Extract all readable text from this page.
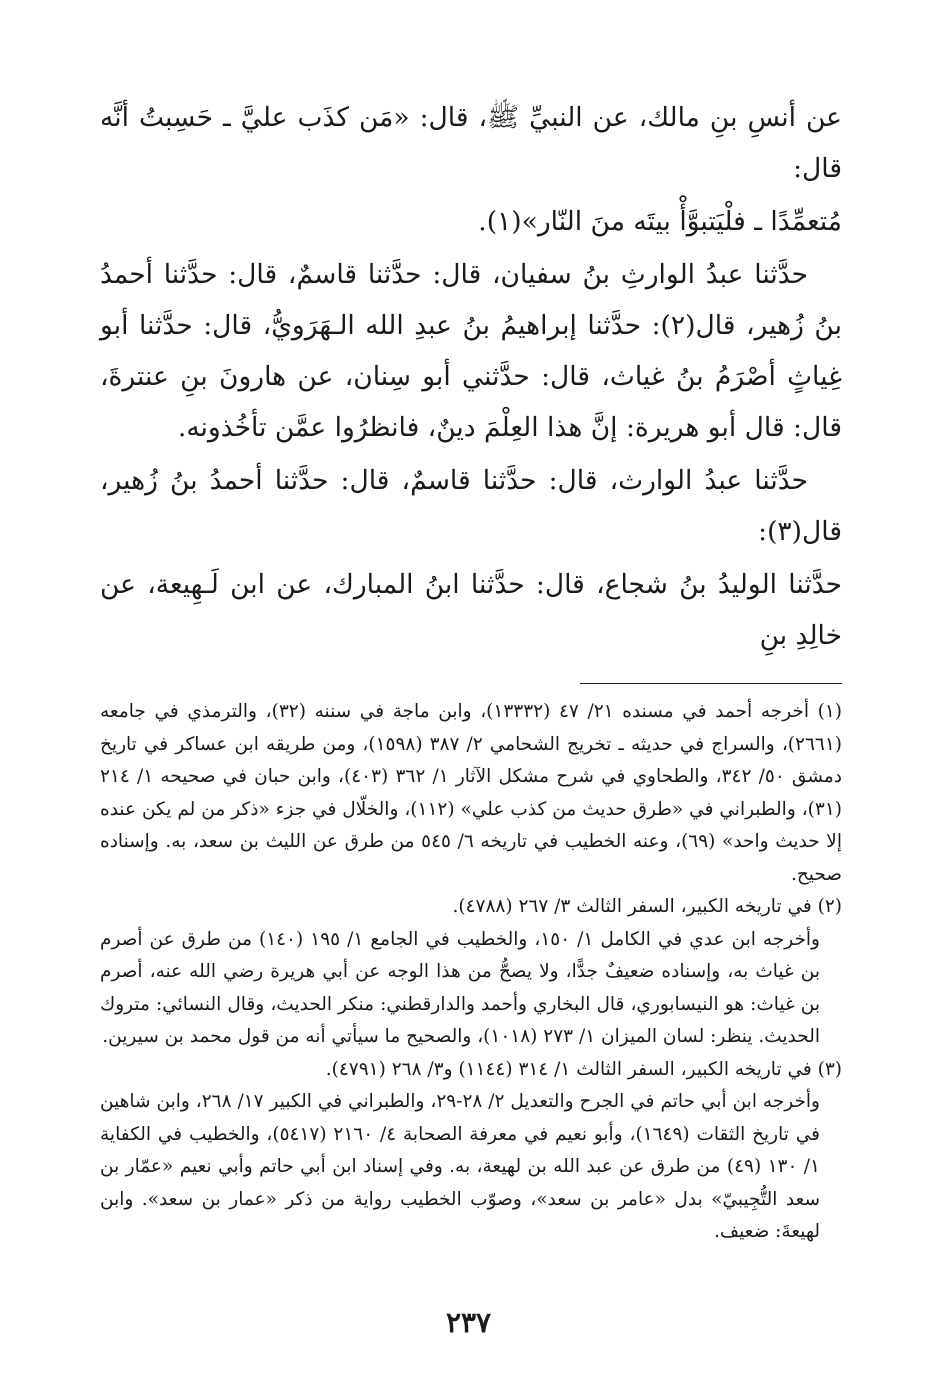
عن أنسِ بنِ مالك، عن النبيِّ ﷺ، قال: «مَن كذَب عليَّ ـ حَسِبتُ أنَّه قال:

مُتعمِّدًا ـ فلْيَتبوَّأْ بيتَه منَ النّار»(١).

حدَّثنا عبدُ الوارثِ بنُ سفيان، قال: حدَّثنا قاسمٌ، قال: حدَّثنا أحمدُ بنُ زُهير، قال(٢): حدَّثنا إبراهيمُ بنُ عبدِ الله الـهَرَويُّ، قال: حدَّثنا أبو غِياثٍ أصْرَمُ بنُ غياث، قال: حدَّثني أبو سِنان، عن هارونَ بنِ عنترةَ، قال: قال أبو هريرة: إنَّ هذا العِلْمَ دينٌ، فانظرُوا عمَّن تأخُذونه.

حدَّثنا عبدُ الوارث، قال: حدَّثنا قاسمٌ، قال: حدَّثنا أحمدُ بنُ زُهير، قال(٣):

حدَّثنا الوليدُ بنُ شجاع، قال: حدَّثنا ابنُ المبارك، عن ابن لَـهِيعة، عن خالِدِ بنِ

(١) أخرجه أحمد في مسنده ٢١/ ٤٧ (١٣٣٣٢)، وابن ماجة في سننه (٣٢)، والترمذي في جامعه (٢٦٦١)، والسراج في حديثه ـ تخريج الشحامي ٢/ ٣٨٧ (١٥٩٨)، ومن طريقه ابن عساكر في تاريخ دمشق ٥٠/ ٣٤٢، والطحاوي في شرح مشكل الآثار ١/ ٣٦٢ (٤٠٣)، وابن حبان في صحيحه ١/ ٢١٤ (٣١)، والطبراني في «طرق حديث من كذب علي» (١١٢)، والخلّال في جزء «ذكر من لم يكن عنده إلا حديث واحد» (٦٩)، وعنه الخطيب في تاريخه ٦/ ٥٤٥ من طرق عن الليث بن سعد، به. وإسناده صحيح.

(٢) في تاريخه الكبير، السفر الثالث ٣/ ٢٦٧ (٤٧٨٨).

وأخرجه ابن عدي في الكامل ١/ ١٥٠، والخطيب في الجامع ١/ ١٩٥ (١٤٠) من طرق عن أصرم بن غياث به، وإسناده ضعيفٌ جدًّا، ولا يصحُّ من هذا الوجه عن أبي هريرة رضي الله عنه، أصرم بن غياث: هو النيسابوري، قال البخاري وأحمد والدارقطني: منكر الحديث، وقال النسائي: متروك الحديث. ينظر: لسان الميزان ١/ ٢٧٣ (١٠١٨)، والصحيح ما سيأتي أنه من قول محمد بن سيرين.

(٣) في تاريخه الكبير، السفر الثالث ١/ ٣١٤ (١١٤٤) و٣/ ٢٦٨ (٤٧٩١).

وأخرجه ابن أبي حاتم في الجرح والتعديل ٢/ ٢٨-٢٩، والطبراني في الكبير ١٧/ ٢٦٨، وابن شاهين في تاريخ الثقات (١٦٤٩)، وأبو نعيم في معرفة الصحابة ٤/ ٢١٦٠ (٥٤١٧)، والخطيب في الكفاية ١/ ١٣٠ (٤٩) من طرق عن عبد الله بن لهيعة، به. وفي إسناد ابن أبي حاتم وأبي نعيم «عمّار بن سعد التُّجِيبيّ» بدل «عامر بن سعد»، وصوّب الخطيب رواية من ذكر «عمار بن سعد». وابن لهيعةَ: ضعيف.

٢٣٧
